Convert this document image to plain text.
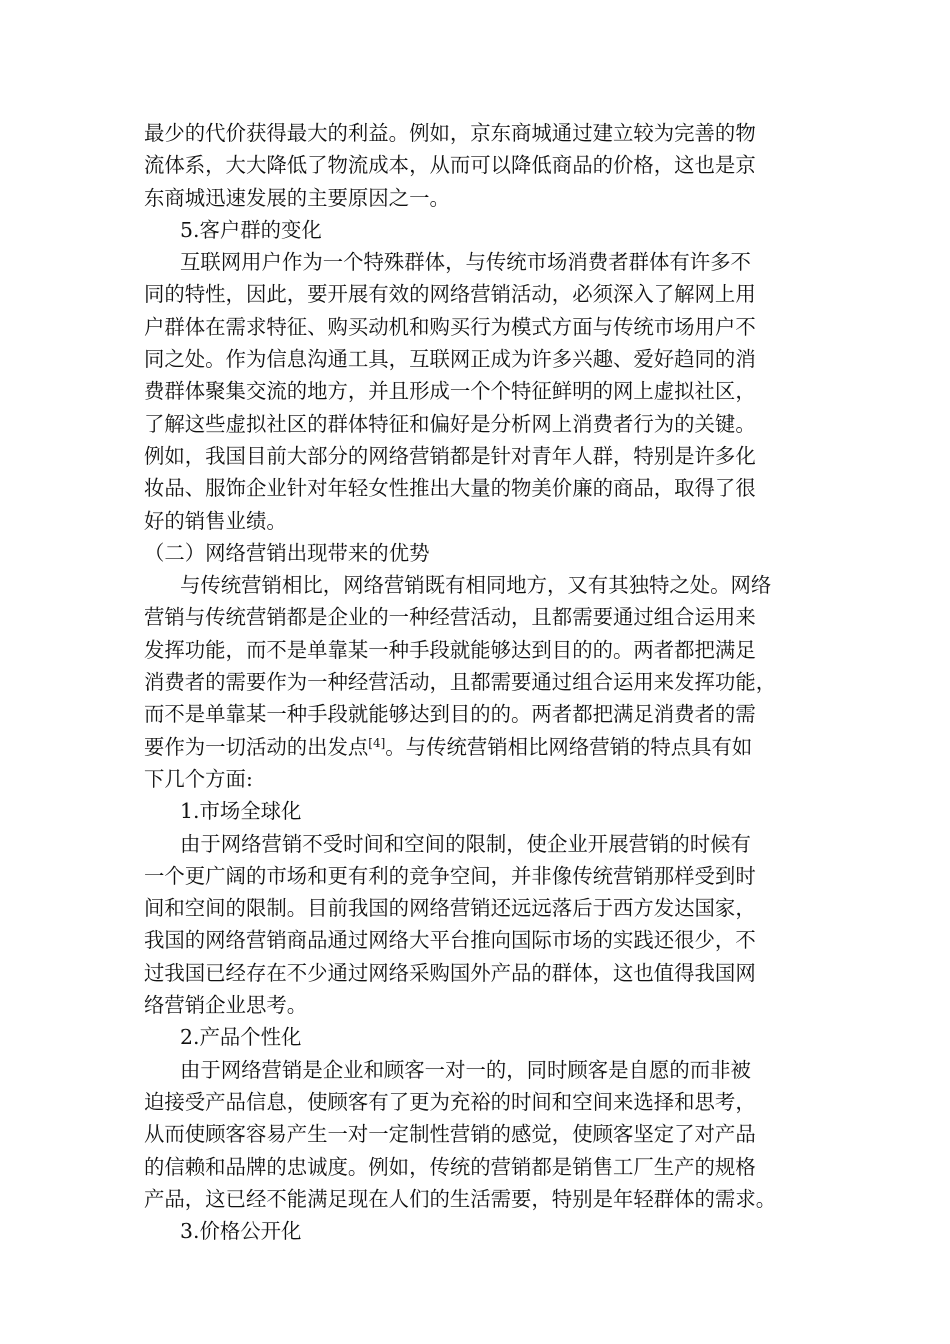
最少的代价获得最大的利益。例如，京东商城通过建立较为完善的物
流体系，大大降低了物流成本，从而可以降低商品的价格，这也是京
东商城迅速发展的主要原因之一。
5.客户群的变化
互联网用户作为一个特殊群体，与传统市场消费者群体有许多不
同的特性，因此，要开展有效的网络营销活动，必须深入了解网上用
户群体在需求特征、购买动机和购买行为模式方面与传统市场用户不
同之处。作为信息沟通工具，互联网正成为许多兴趣、爱好趋同的消
费群体聚集交流的地方，并且形成一个个特征鲜明的网上虚拟社区，
了解这些虚拟社区的群体特征和偏好是分析网上消费者行为的关键。
例如，我国目前大部分的网络营销都是针对青年人群，特别是许多化
妆品、服饰企业针对年轻女性推出大量的物美价廉的商品，取得了很
好的销售业绩。
（二）网络营销出现带来的优势
与传统营销相比，网络营销既有相同地方，又有其独特之处。网络
营销与传统营销都是企业的一种经营活动，且都需要通过组合运用来
发挥功能，而不是单靠某一种手段就能够达到目的的。两者都把满足
消费者的需要作为一种经营活动，且都需要通过组合运用来发挥功能，
而不是单靠某一种手段就能够达到目的的。两者都把满足消费者的需
要作为一切活动的出发点[4]。与传统营销相比网络营销的特点具有如
下几个方面:
1.市场全球化
由于网络营销不受时间和空间的限制，使企业开展营销的时候有
一个更广阔的市场和更有利的竞争空间，并非像传统营销那样受到时
间和空间的限制。目前我国的网络营销还远远落后于西方发达国家，
我国的网络营销商品通过网络大平台推向国际市场的实践还很少，不
过我国已经存在不少通过网络采购国外产品的群体，这也值得我国网
络营销企业思考。
2.产品个性化
由于网络营销是企业和顾客一对一的，同时顾客是自愿的而非被
迫接受产品信息，使顾客有了更为充裕的时间和空间来选择和思考，
从而使顾客容易产生一对一定制性营销的感觉，使顾客坚定了对产品
的信赖和品牌的忠诚度。例如，传统的营销都是销售工厂生产的规格
产品，这已经不能满足现在人们的生活需要，特别是年轻群体的需求。
3.价格公开化
